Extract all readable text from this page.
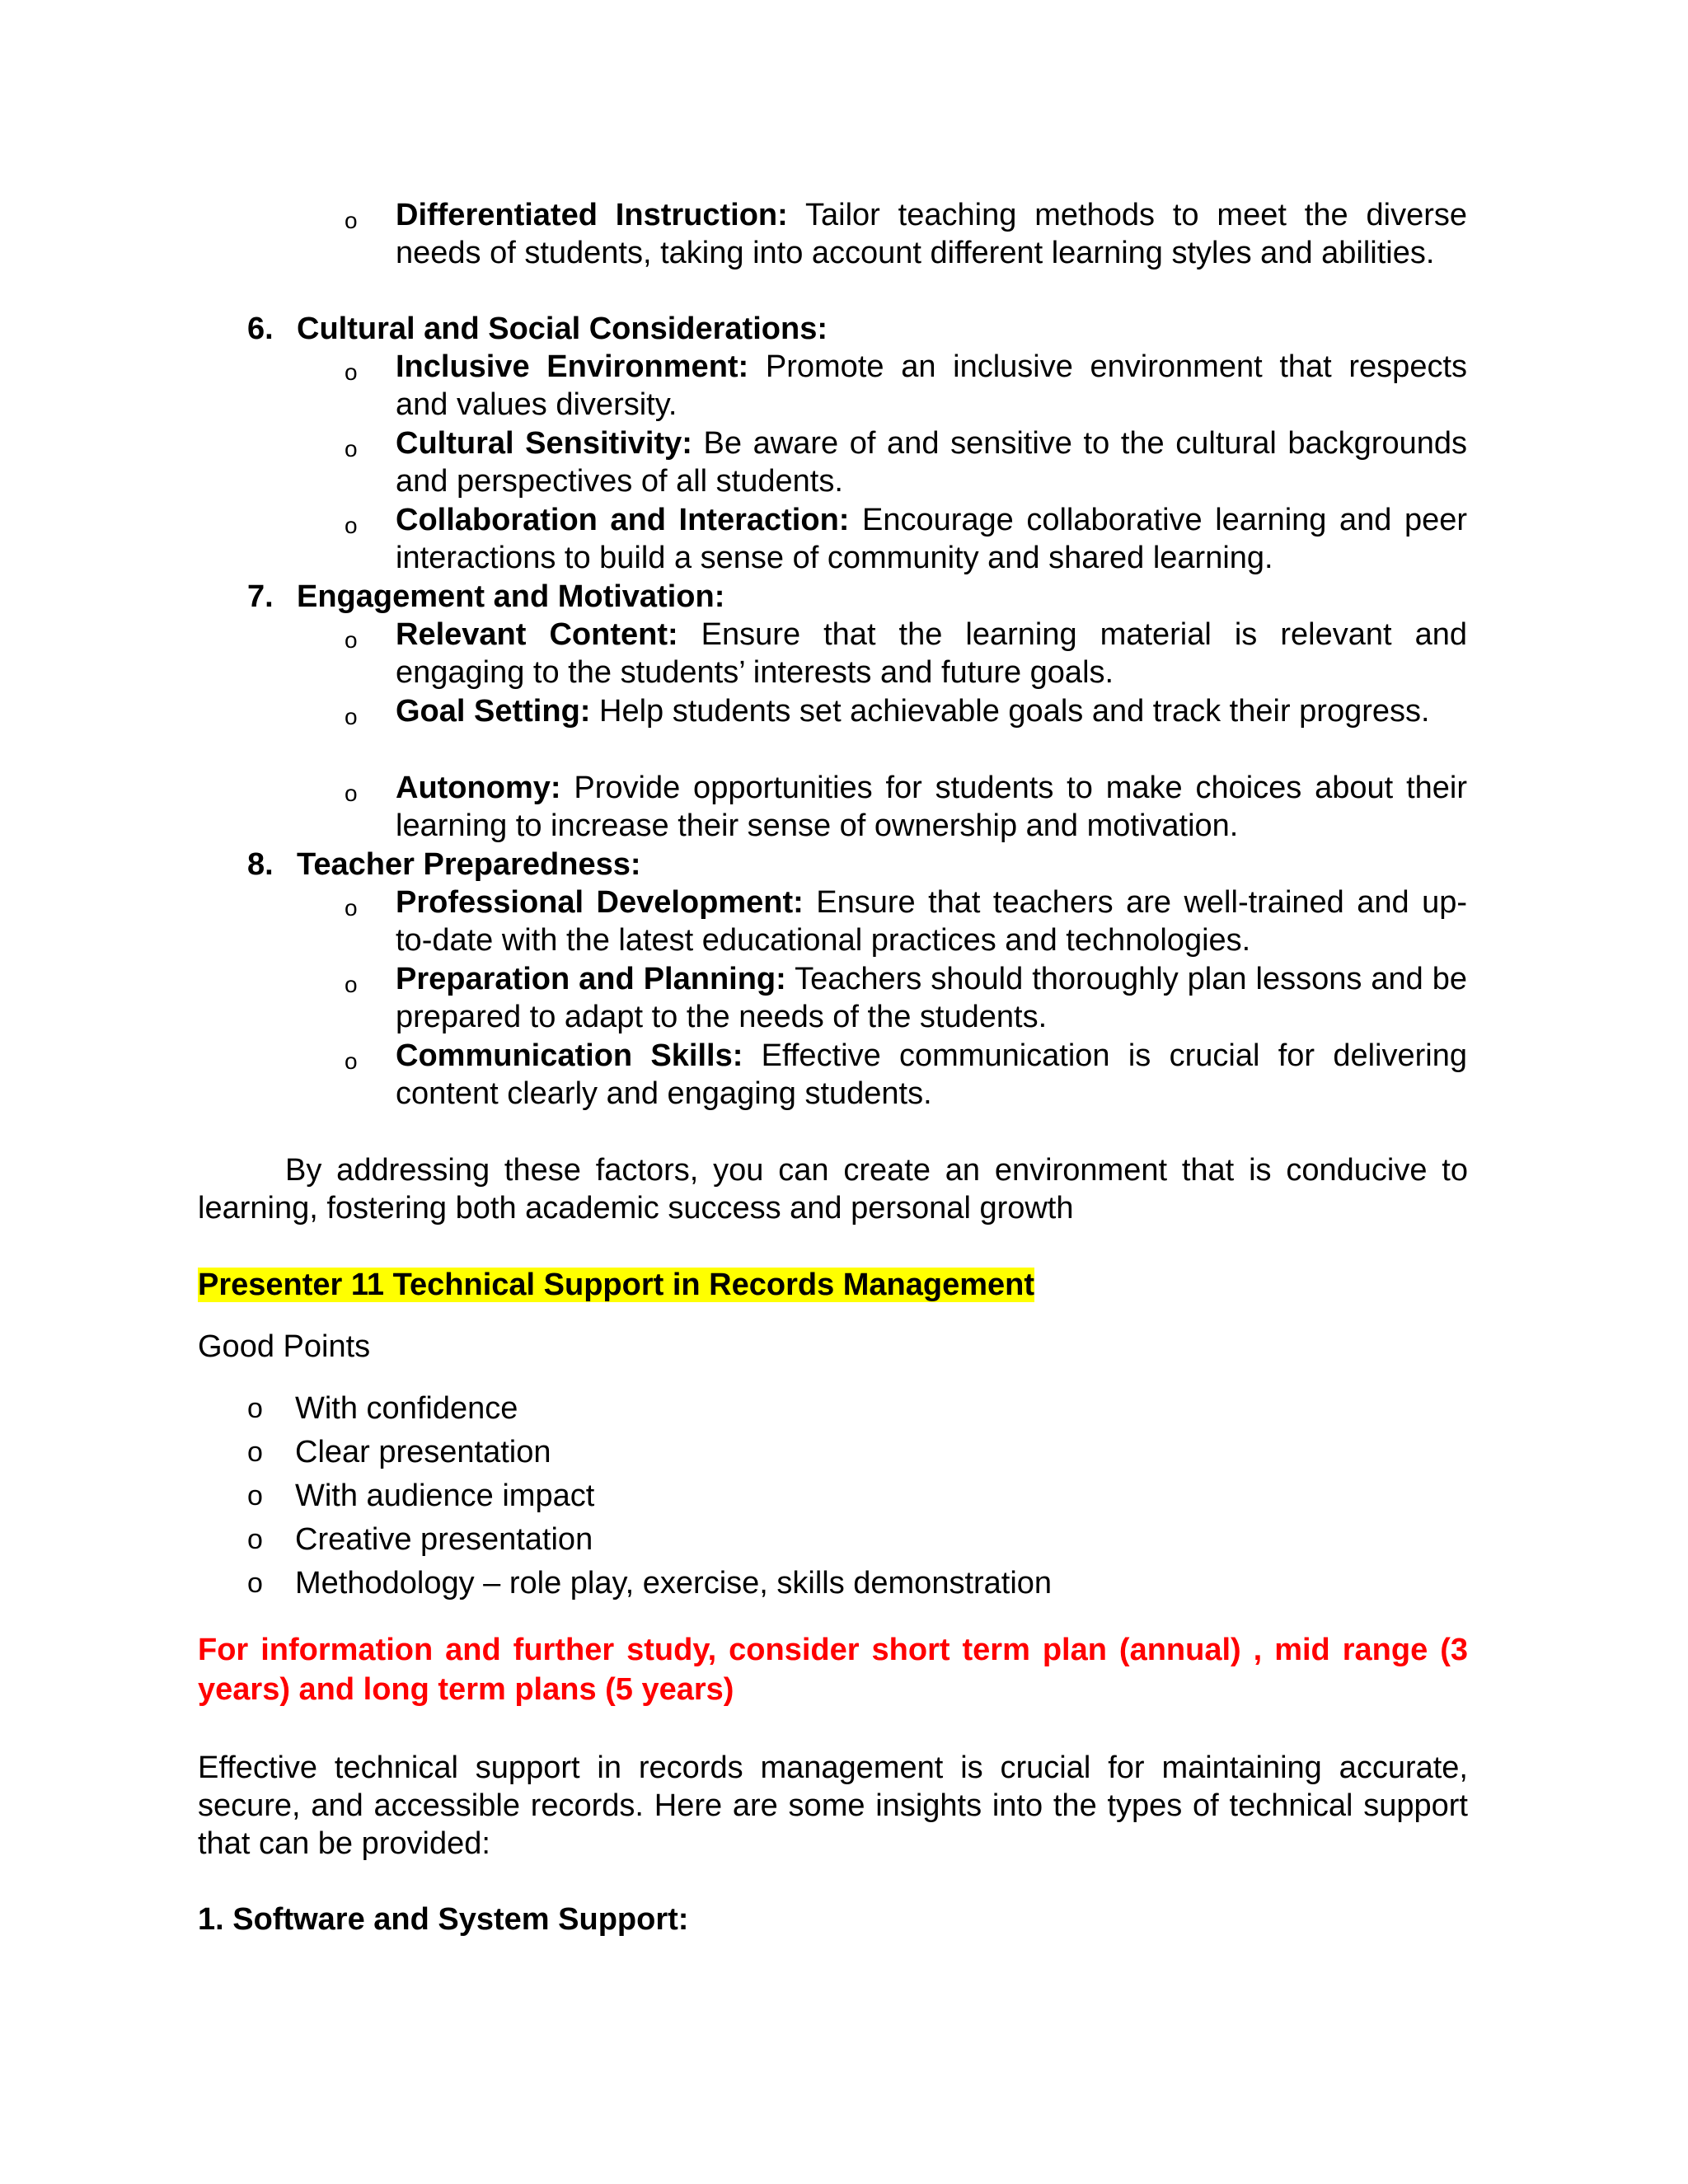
o Differentiated Instruction: Tailor teaching methods to meet the diverse needs of students, taking into account different learning styles and abilities.
6. Cultural and Social Considerations:
o Inclusive Environment: Promote an inclusive environment that respects and values diversity.
o Cultural Sensitivity: Be aware of and sensitive to the cultural backgrounds and perspectives of all students.
o Collaboration and Interaction: Encourage collaborative learning and peer interactions to build a sense of community and shared learning.
7. Engagement and Motivation:
o Relevant Content: Ensure that the learning material is relevant and engaging to the students’ interests and future goals.
o Goal Setting: Help students set achievable goals and track their progress.
o Autonomy: Provide opportunities for students to make choices about their learning to increase their sense of ownership and motivation.
8. Teacher Preparedness:
o Professional Development: Ensure that teachers are well-trained and up-to-date with the latest educational practices and technologies.
o Preparation and Planning: Teachers should thoroughly plan lessons and be prepared to adapt to the needs of the students.
o Communication Skills: Effective communication is crucial for delivering content clearly and engaging students.
By addressing these factors, you can create an environment that is conducive to learning, fostering both academic success and personal growth
Presenter 11 Technical Support in Records Management
Good Points
o With confidence
o Clear presentation
o With audience impact
o Creative presentation
o Methodology – role play, exercise, skills demonstration
For information and further study, consider short term plan (annual) , mid range (3 years) and long term plans (5 years)
Effective technical support in records management is crucial for maintaining accurate, secure, and accessible records. Here are some insights into the types of technical support that can be provided:
1. Software and System Support:
